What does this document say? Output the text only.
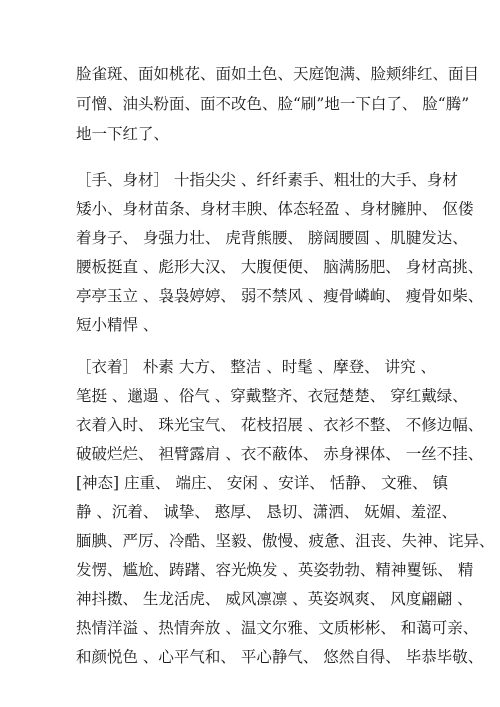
脸雀斑、面如桃花、面如土色、天庭饱满、脸颊绯红、面目
可憎、油头粉面、面不改色、脸“刷”地一下白了、 脸“腾”
地一下红了、
［手、身材］ 十指尖尖 、纤纤素手、粗壮的大手、身材
矮小、身材苗条、身材丰腴、体态轻盈 、身材臃肿、 伛偻
着身子、 身强力壮、 虎背熊腰、 膀阔腰圆 、肌腱发达、
腰板挺直 、彪形大汉、 大腹便便、 脑满肠肥、 身材高挑、
亭亭玉立 、袅袅婷婷、 弱不禁风 、瘦骨嶙峋、 瘦骨如柴、
短小精悍 、
［衣着］ 朴素 大方、 整洁 、时髦 、摩登、 讲究 、
笔挺 、邋遢 、俗气 、穿戴整齐、衣冠楚楚、 穿红戴绿、
衣着入时、 珠光宝气、 花枝招展 、衣衫不整、 不修边幅、
破破烂烂、 袒臂露肩 、衣不蔽体、 赤身裸体、 一丝不挂、
[神态] 庄重、 端庄、 安闲 、安详、 恬静、 文雅、 镇
静 、沉着、 诚挚、 憨厚、 恳切、潇洒、 妩媚、羞涩、
腼腆、严厉、冷酷、坚毅、傲慢、疲惫、沮丧、失神、诧异、
发愣、尴尬、踌躇、容光焕发 、英姿勃勃、精神矍铄、 精
神抖擞、 生龙活虎、 威风凛凛 、英姿飒爽、 风度翩翩 、
热情洋溢 、热情奔放 、温文尔雅、文质彬彬、 和蔼可亲、
和颜悦色 、心平气和、 平心静气、 悠然自得、 毕恭毕敬、
